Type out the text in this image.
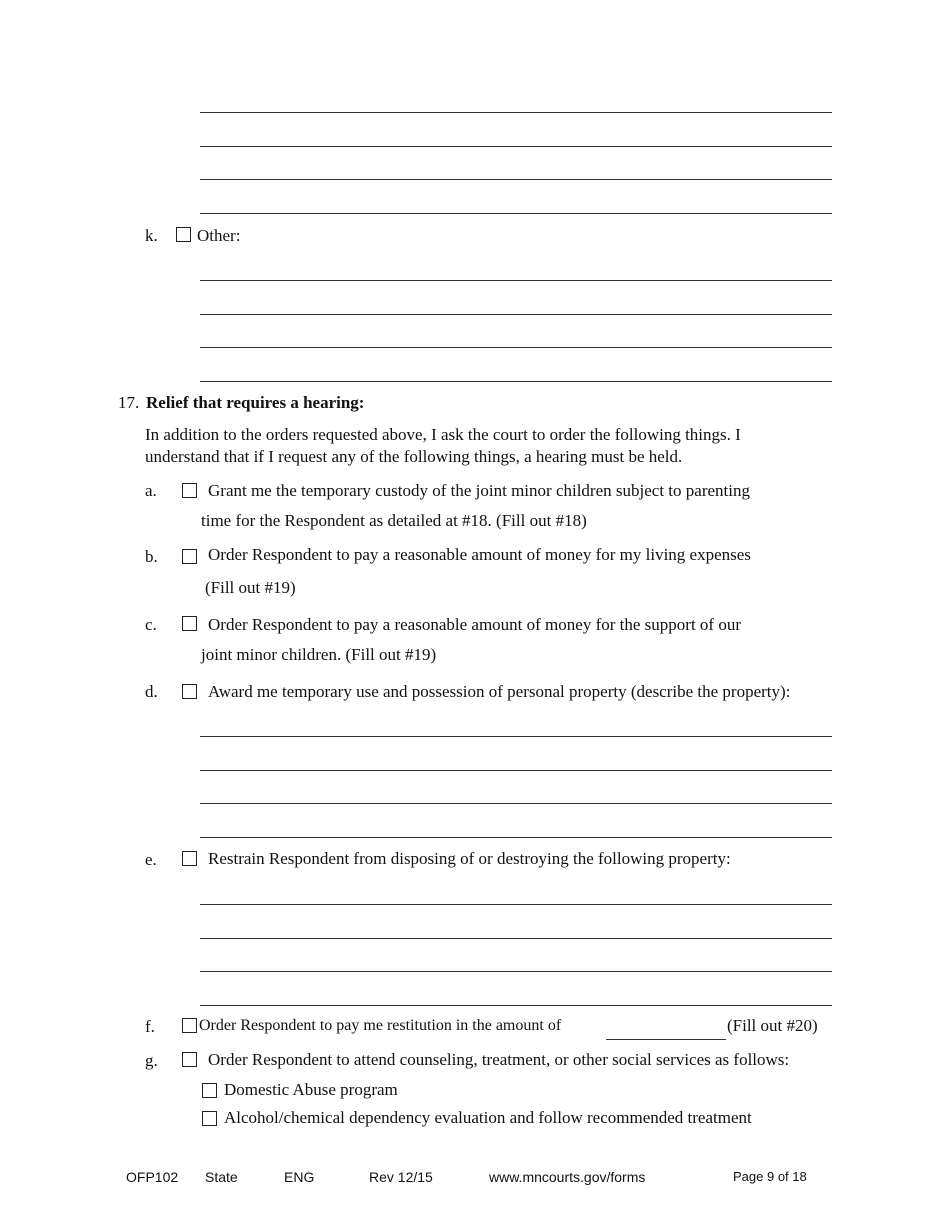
k. Other:
17. Relief that requires a hearing:
In addition to the orders requested above, I ask the court to order the following things. I
understand that if I request any of the following things, a hearing must be held.
a.	Grant me the temporary custody of the joint minor children subject to parenting
time for the Respondent as detailed at #18. (Fill out #18)
b.	Order Respondent to pay a reasonable amount of money for my living expenses
(Fill out #19)
c.	Order Respondent to pay a reasonable amount of money for the support of our
joint minor children. (Fill out #19)
d.	Award me temporary use and possession of personal property (describe the property):
e.	Restrain Respondent from disposing of or destroying the following property:
f.	Order Respondent to pay me restitution in the amount of	(Fill out #20)
g.	Order Respondent to attend counseling, treatment, or other social services as follows:
Domestic Abuse program
Alcohol/chemical dependency evaluation and follow recommended treatment
OFP102 State	ENG	Rev 12/15	www.mncourts.gov/forms	Page 9 of 18
